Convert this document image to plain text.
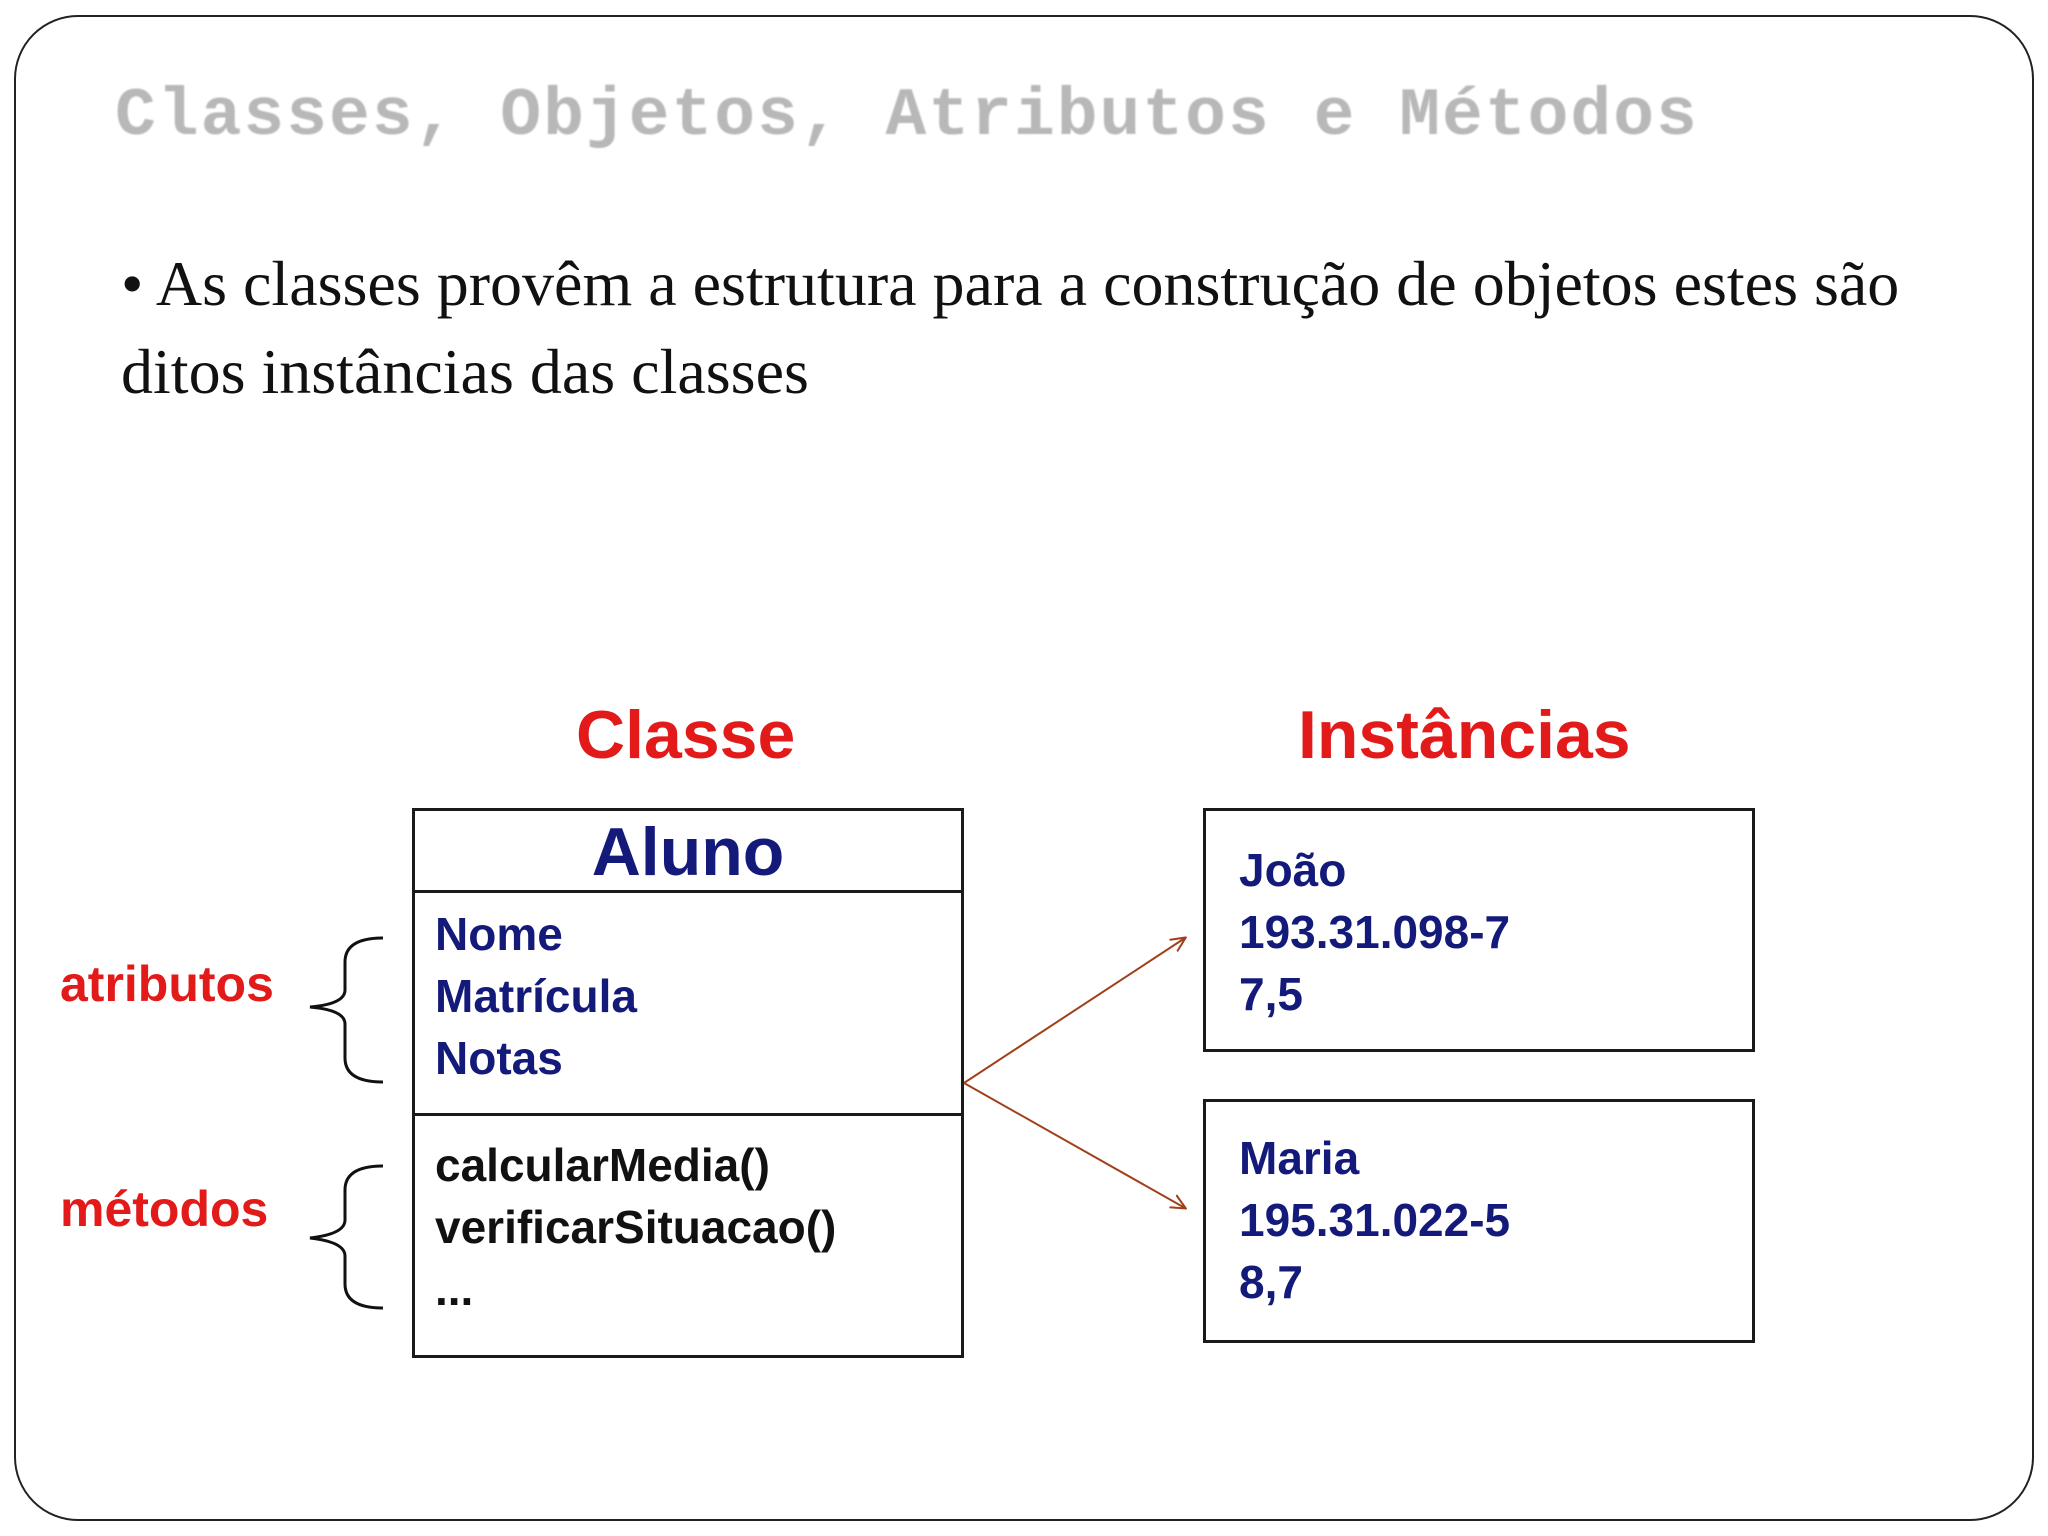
Classes, Objetos, Atributos e Métodos
• As classes provêm a estrutura para a construção de objetos estes são ditos instâncias das classes
Classe	Instâncias
Aluno
Nome
Matrícula
Notas
calcularMedia()
verificarSituacao()
...
João
193.31.098-7
7,5
Maria
195.31.022-5
8,7
atributos
métodos
